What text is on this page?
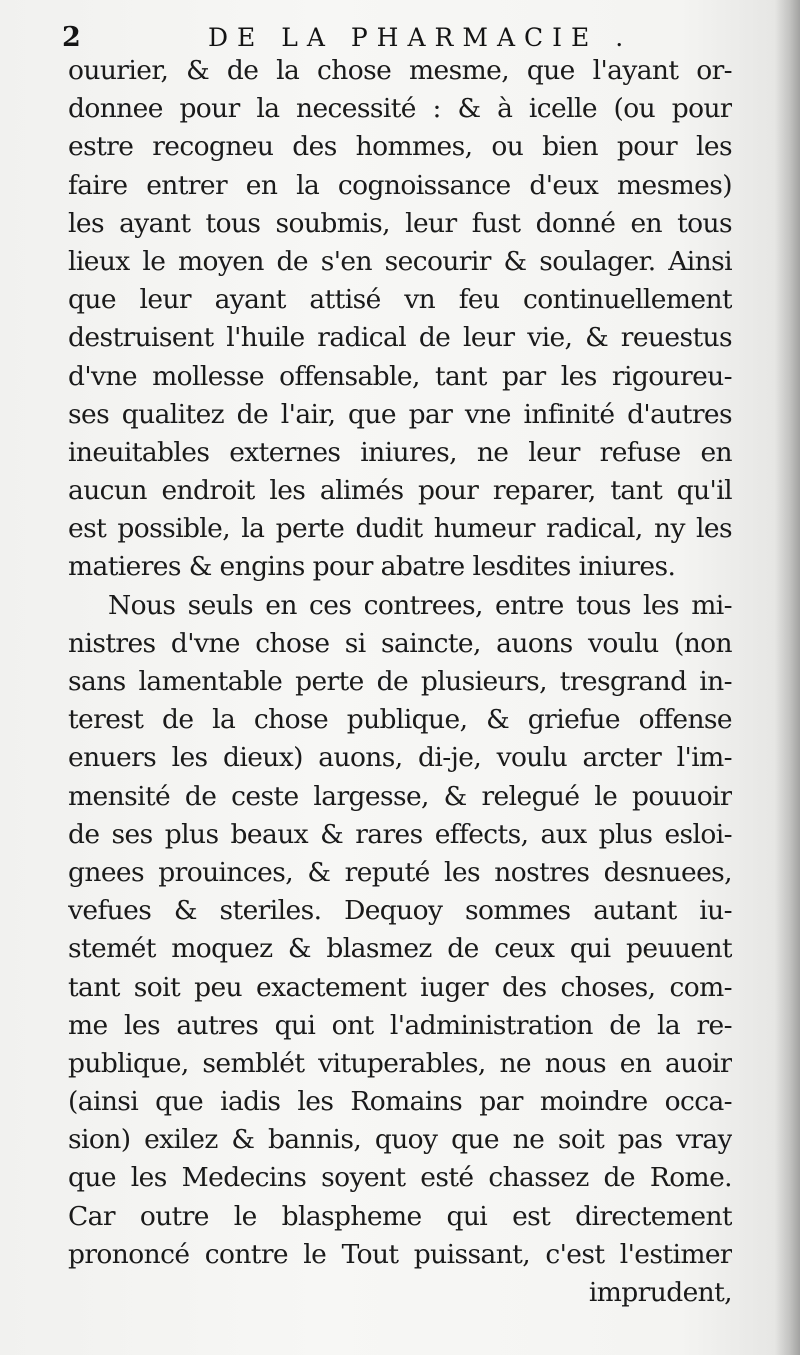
2	DE LA PHARMACIE .
ouurier, & de la chose mesme, que l'ayant or-
donnee pour la necessité : & à icelle (ou pour
estre recogneu des hommes, ou bien pour les
faire entrer en la cognoissance d'eux mesmes)
les ayant tous soubmis, leur fust donné en tous
lieux le moyen de s'en secourir & soulager. Ainsi
que leur ayant attisé vn feu continuellement
destruisent l'huile radical de leur vie, & reuestus
d'vne mollesse offensable, tant par les rigoureu-
ses qualitez de l'air, que par vne infinité d'autres
ineuitables externes iniures, ne leur refuse en
aucun endroit les alimés pour reparer, tant qu'il
est possible, la perte dudit humeur radical, ny les
matieres & engins pour abatre lesdites iniures.
Nous seuls en ces contrees, entre tous les mi-
nistres d'vne chose si saincte, auons voulu (non
sans lamentable perte de plusieurs, tresgrand in-
terest de la chose publique, & griefue offense
enuers les dieux) auons, di-je, voulu arcter l'im-
mensité de ceste largesse, & relegué le pouuoir
de ses plus beaux & rares effects, aux plus esloi-
gnees prouinces, & reputé les nostres desnuees,
vefues & steriles. Dequoy sommes autant iu-
stemét moquez & blasmez de ceux qui peuuent
tant soit peu exactement iuger des choses, com-
me les autres qui ont l'administration de la re-
publique, semblét vituperables, ne nous en auoir
(ainsi que iadis les Romains par moindre occa-
sion) exilez & bannis, quoy que ne soit pas vray
que les Medecins soyent esté chassez de Rome.
Car outre le blaspheme qui est directement
prononcé contre le Tout puissant, c'est l'estimer
imprudent,
